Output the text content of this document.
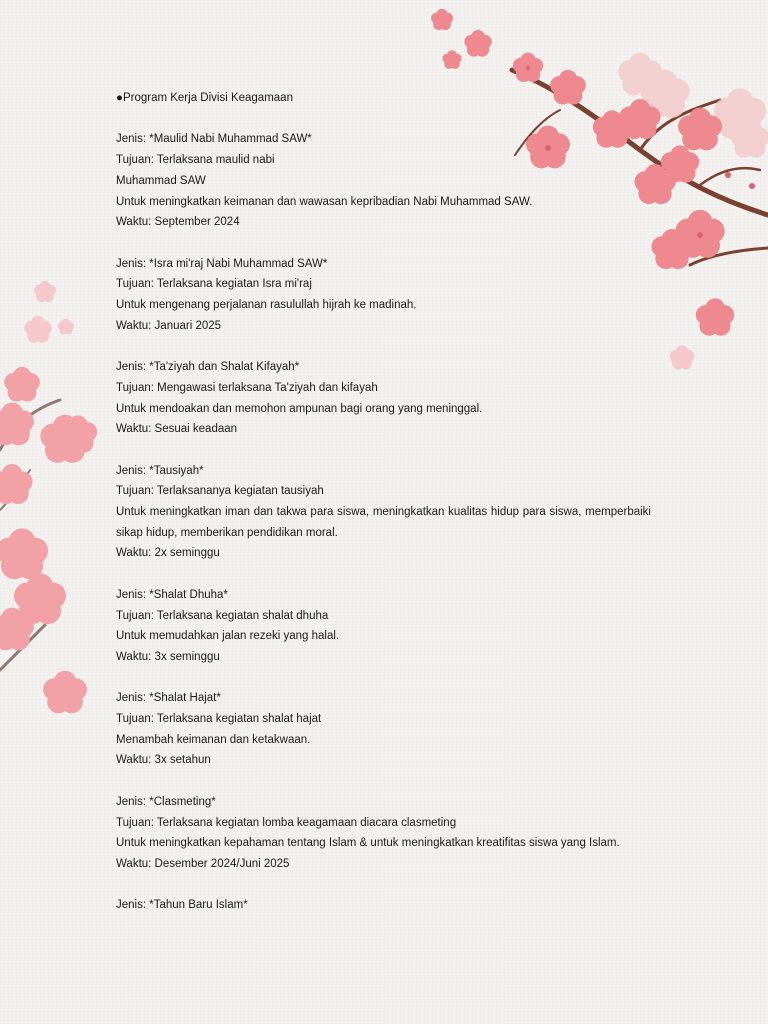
●Program Kerja Divisi Keagamaan
Jenis: *Maulid Nabi Muhammad SAW*
Tujuan: Terlaksana maulid nabi
Muhammad SAW
Untuk meningkatkan keimanan dan wawasan kepribadian Nabi Muhammad SAW.
Waktu: September 2024
Jenis: *Isra mi'raj Nabi Muhammad SAW*
Tujuan: Terlaksana kegiatan Isra mi'raj
Untuk mengenang perjalanan rasulullah hijrah ke madinah.
Waktu: Januari 2025
Jenis: *Ta'ziyah dan Shalat Kifayah*
Tujuan: Mengawasi terlaksana Ta'ziyah dan kifayah
Untuk mendoakan dan memohon ampunan bagi orang yang meninggal.
Waktu: Sesuai keadaan
Jenis: *Tausiyah*
Tujuan: Terlaksananya kegiatan tausiyah
Untuk meningkatkan iman dan takwa para siswa, meningkatkan kualitas hidup para siswa, memperbaiki sikap hidup, memberikan pendidikan moral.
Waktu: 2x seminggu
Jenis: *Shalat Dhuha*
Tujuan: Terlaksana kegiatan shalat dhuha
Untuk memudahkan jalan rezeki yang halal.
Waktu: 3x seminggu
Jenis: *Shalat Hajat*
Tujuan: Terlaksana kegiatan shalat hajat
Menambah keimanan dan ketakwaan.
Waktu: 3x setahun
Jenis: *Clasmeting*
Tujuan: Terlaksana kegiatan lomba keagamaan diacara clasmeting
Untuk meningkatkan kepahaman tentang Islam & untuk meningkatkan kreatifitas siswa yang Islam.
Waktu: Desember 2024/Juni 2025
Jenis: *Tahun Baru Islam*
